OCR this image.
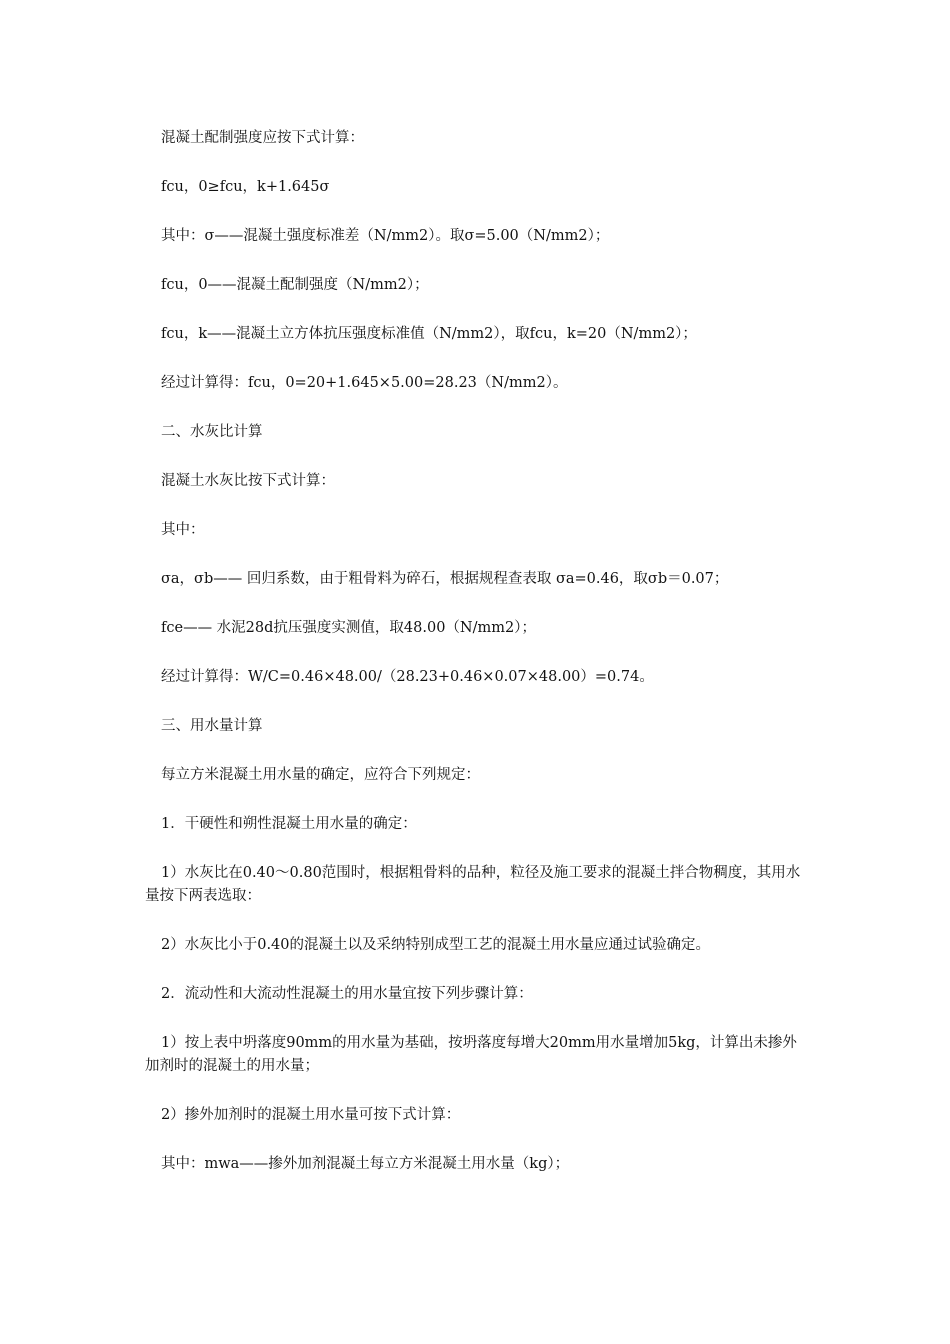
混凝土配制强度应按下式计算：

fcu，0≥fcu，k+1.645σ

其中：σ——混凝土强度标准差（N/mm2）。取σ=5.00（N/mm2）；

fcu，0——混凝土配制强度（N/mm2）；

fcu，k——混凝土立方体抗压强度标准值（N/mm2），取fcu，k=20（N/mm2）；

经过计算得：fcu，0=20+1.645×5.00=28.23（N/mm2）。

二、水灰比计算

混凝土水灰比按下式计算：

其中：

σa，σb—— 回归系数，由于粗骨料为碎石，根据规程查表取 σa=0.46，取σb＝0.07；

fce—— 水泥28d抗压强度实测值，取48.00（N/mm2）；

经过计算得：W/C=0.46×48.00/（28.23+0.46×0.07×48.00）=0.74。

三、用水量计算

每立方米混凝土用水量的确定，应符合下列规定：

1．干硬性和朔性混凝土用水量的确定：

1）水灰比在0.40～0.80范围时，根据粗骨料的品种，粒径及施工要求的混凝土拌合物稠度，其用水量按下两表选取：

2）水灰比小于0.40的混凝土以及采纳特别成型工艺的混凝土用水量应通过试验确定。

2．流动性和大流动性混凝土的用水量宜按下列步骤计算：

1）按上表中坍落度90mm的用水量为基础，按坍落度每增大20mm用水量增加5kg，计算出未掺外加剂时的混凝土的用水量；

2）掺外加剂时的混凝土用水量可按下式计算：

其中：mwa——掺外加剂混凝土每立方米混凝土用水量（kg）；
